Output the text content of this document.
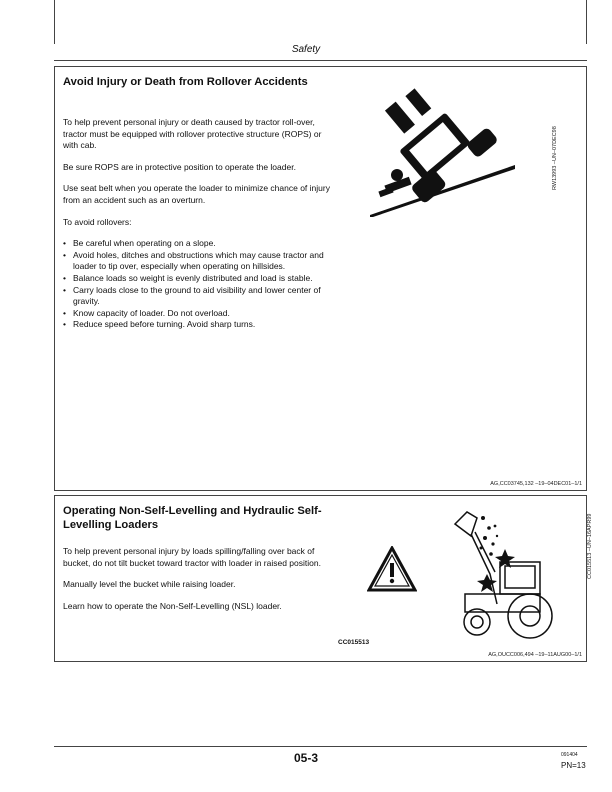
Safety
Avoid Injury or Death from Rollover Accidents

To help prevent personal injury or death caused by tractor roll-over, tractor must be equipped with rollover protective structure (ROPS) or with cab.

Be sure ROPS are in protective position to operate the loader.

Use seat belt when you operate the loader to minimize chance of injury from an accident such as an overturn.

To avoid rollovers:

• Be careful when operating on a slope.
• Avoid holes, ditches and obstructions which may cause tractor and loader to tip over, especially when operating on hillsides.
• Balance loads so weight is evenly distributed and load is stable.
• Carry loads close to the ground to aid visibility and lower center of gravity.
• Know capacity of loader. Do not overload.
• Reduce speed before turning. Avoid sharp turns.
RW13993 –UN–07DEC98
AG,CC03745,132 –19–04DEC01–1/1
Operating Non-Self-Levelling and Hydraulic Self-Levelling Loaders

To help prevent personal injury by loads spilling/falling over back of bucket, do not tilt bucket toward tractor with loader in raised position.

Manually level the bucket while raising loader.

Learn how to operate the Non-Self-Levelling (NSL) loader.

CC015513 –UN–16APR99
CC015513
AG,OUCC006,494 –19–11AUG00–1/1
05-3	091404
PN=13
